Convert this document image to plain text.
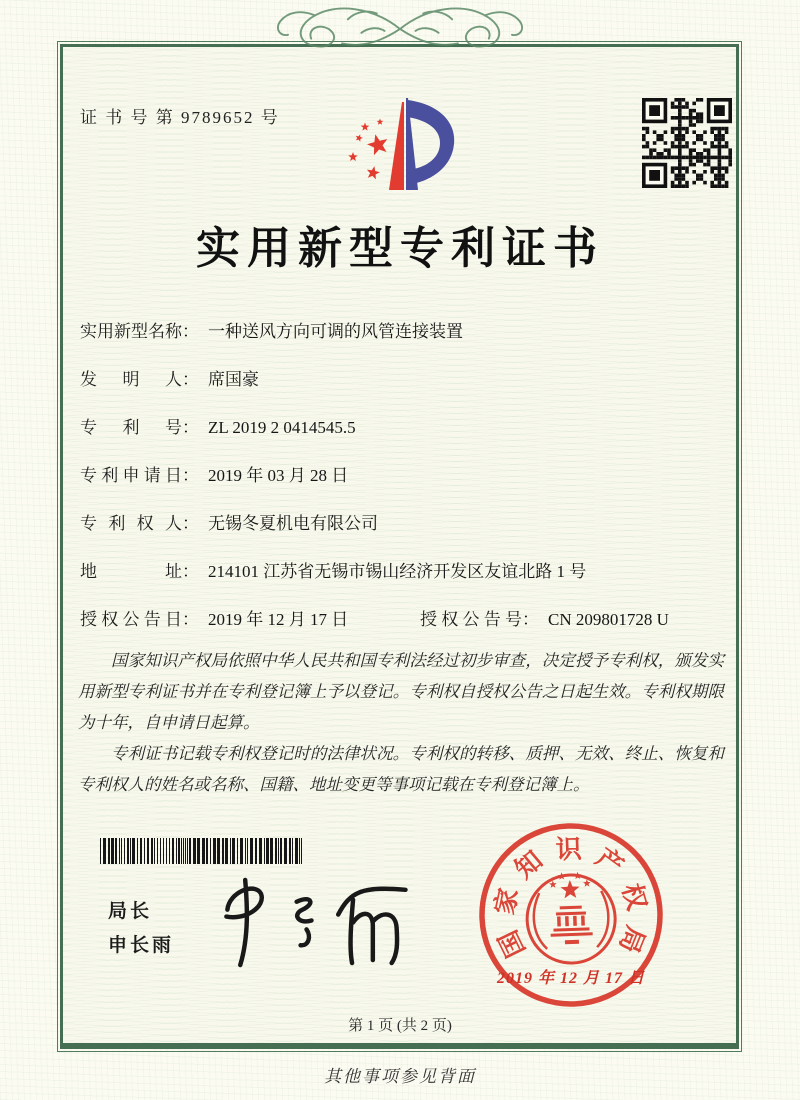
证 书 号 第 9789652 号
实用新型专利证书
实用新型名称： 一种送风方向可调的风管连接装置
发明人： 席国豪
专利号： ZL 2019 2 0414545.5
专利申请日： 2019 年 03 月 28 日
专利权人： 无锡冬夏机电有限公司
地址： 214101 江苏省无锡市锡山经济开发区友谊北路 1 号
授权公告日： 2019 年 12 月 17 日	授权公告号： CN 209801728 U

国家知识产权局依照中华人民共和国专利法经过初步审查，决定授予专利权，颁发实用新型专利证书并在专利登记簿上予以登记。专利权自授权公告之日起生效。专利权期限为十年，自申请日起算。

专利证书记载专利权登记时的法律状况。专利权的转移、质押、无效、终止、恢复和专利权人的姓名或名称、国籍、地址变更等事项记载在专利登记簿上。

局长
申长雨	国
家
知 识 产
权
局
2019 年 12 月 17 日
第 1 页 (共 2 页)
其他事项参见背面
